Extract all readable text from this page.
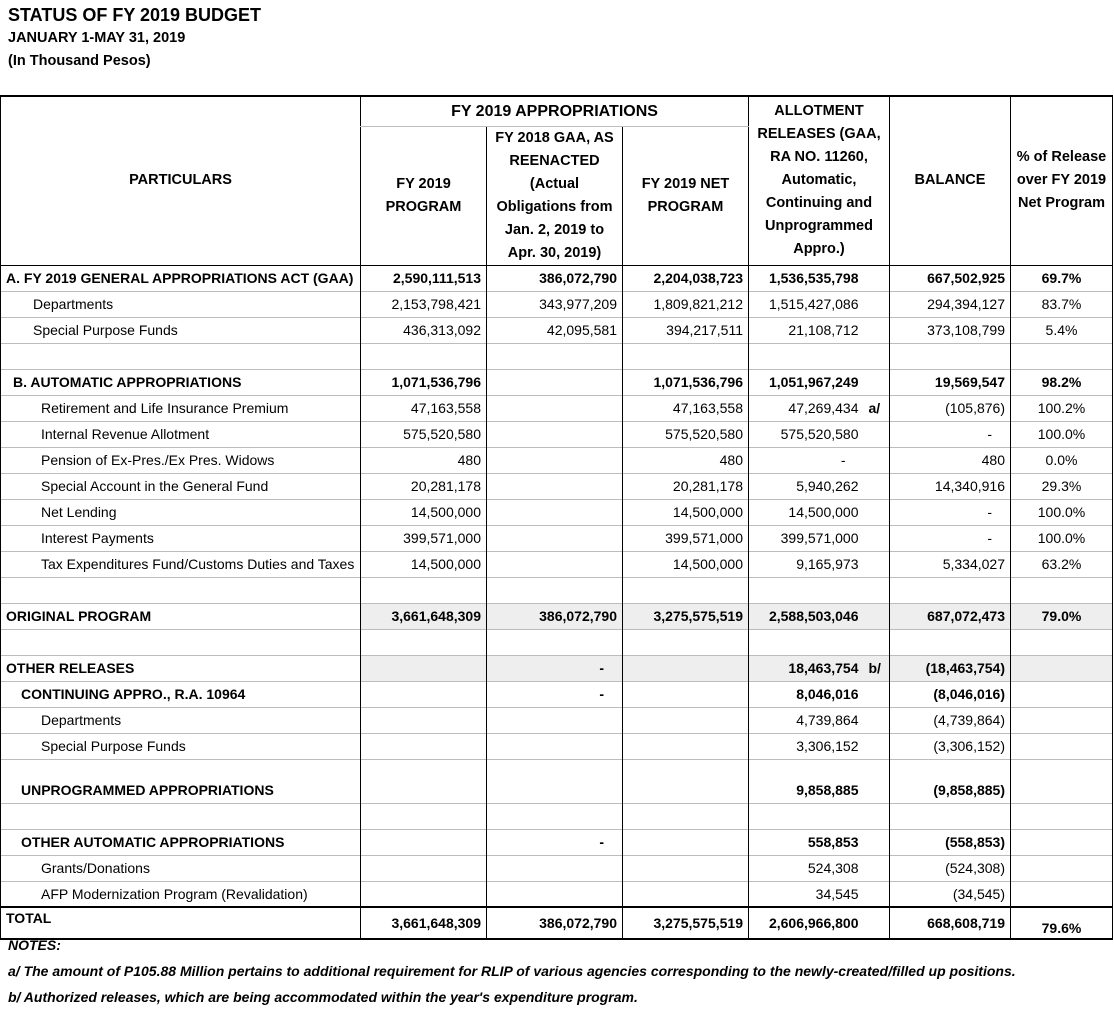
STATUS OF FY 2019 BUDGET
JANUARY 1-MAY 31, 2019
(In Thousand Pesos)
PARTICULARS	FY 2019 APPROPRIATIONS			ALLOTMENT RELEASES (GAA, RA NO. 11260, Automatic, Continuing and Unprogrammed Appro.)		BALANCE	% of Release over FY 2019 Net Program
	FY 2019 PROGRAM	FY 2018 GAA, AS REENACTED (Actual Obligations from Jan. 2, 2019 to Apr. 30, 2019)	FY 2019 NET PROGRAM				
A. FY 2019 GENERAL APPROPRIATIONS ACT (GAA)	2,590,111,513	386,072,790	2,204,038,723	1,536,535,798		667,502,925	69.7%
Departments	2,153,798,421	343,977,209	1,809,821,212	1,515,427,086		294,394,127	83.7%
Special Purpose Funds	436,313,092	42,095,581	394,217,511	21,108,712		373,108,799	5.4%

B. AUTOMATIC APPROPRIATIONS	1,071,536,796		1,071,536,796	1,051,967,249		19,569,547	98.2%
Retirement and Life Insurance Premium	47,163,558		47,163,558	47,269,434	a/	(105,876)	100.2%
Internal Revenue Allotment	575,520,580		575,520,580	575,520,580		-	100.0%
Pension of Ex-Pres./Ex Pres. Widows	480		480	-		480	0.0%
Special Account in the General Fund	20,281,178		20,281,178	5,940,262		14,340,916	29.3%
Net Lending	14,500,000		14,500,000	14,500,000		-	100.0%
Interest Payments	399,571,000		399,571,000	399,571,000		-	100.0%
Tax Expenditures Fund/Customs Duties and Taxes	14,500,000		14,500,000	9,165,973		5,334,027	63.2%

ORIGINAL PROGRAM	3,661,648,309	386,072,790	3,275,575,519	2,588,503,046		687,072,473	79.0%

OTHER RELEASES		-		18,463,754	b/	(18,463,754)	
CONTINUING APPRO., R.A. 10964		-		8,046,016		(8,046,016)	
Departments				4,739,864		(4,739,864)	
Special Purpose Funds				3,306,152		(3,306,152)	

UNPROGRAMMED APPROPRIATIONS				9,858,885		(9,858,885)	

OTHER AUTOMATIC APPROPRIATIONS		-		558,853		(558,853)	
Grants/Donations				524,308		(524,308)	
AFP Modernization Program (Revalidation)				34,545		(34,545)	
TOTAL	3,661,648,309	386,072,790	3,275,575,519	2,606,966,800		668,608,719	79.6%
NOTES:
a/ The amount of P105.88 Million pertains to additional requirement for RLIP of various agencies corresponding to the newly-created/filled up positions.
b/ Authorized releases, which are being accommodated within the year's expenditure program.
